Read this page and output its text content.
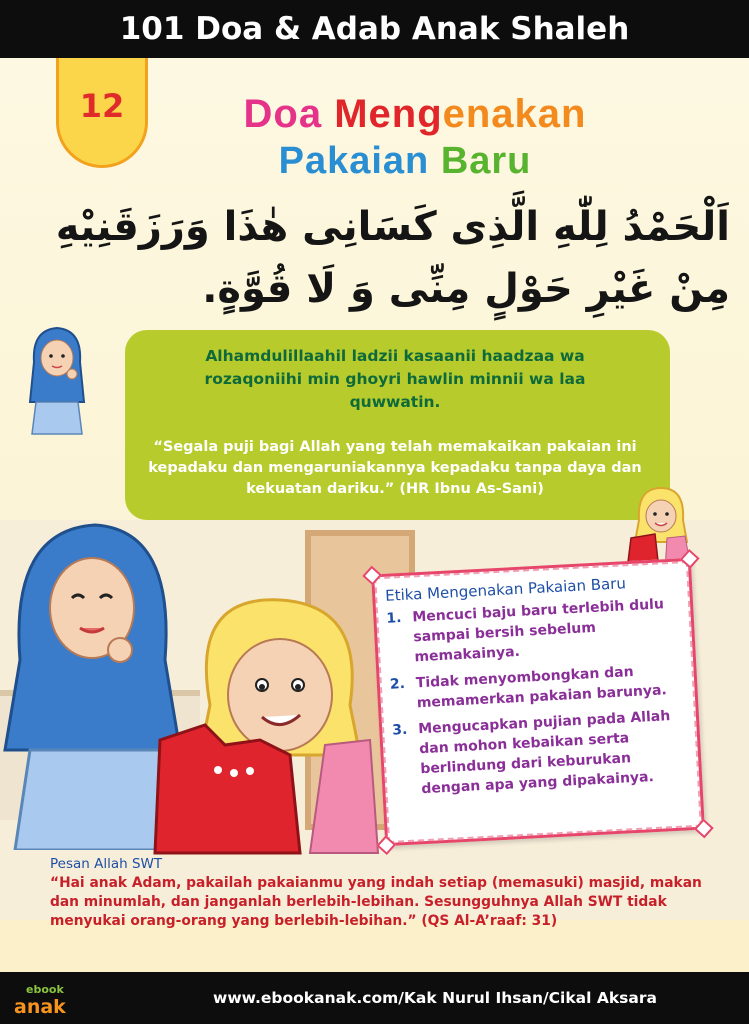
101 Doa & Adab Anak Shaleh
12	Doa Mengenakan
Pakaian Baru
اَلْحَمْدُ لِلّٰهِ الَّذِى كَسَانِى هٰذَا وَرَزَقَنِيْهِ مِنْ غَيْرِ حَوْلٍ مِنِّى وَ لَا قُوَّةٍ.
Alhamdulillaahil ladzii kasaanii haadzaa wa rozaqoniihi min ghoyri hawlin minnii wa laa quwwatin.
“Segala puji bagi Allah yang telah memakaikan pakaian ini kepadaku dan mengaruniakannya kepadaku tanpa daya dan kekuatan dariku.” (HR Ibnu As-Sani)
Etika Mengenakan Pakaian Baru
1. Mencuci baju baru terlebih dulu sampai bersih sebelum memakainya.
2. Tidak menyombongkan dan memamerkan pakaian barunya.
3. Mengucapkan pujian pada Allah dan mohon kebaikan serta berlindung dari keburukan dengan apa yang dipakainya.
Pesan Allah SWT
“Hai anak Adam, pakailah pakaianmu yang indah setiap (memasuki) masjid, makan dan minumlah, dan janganlah berlebih-lebihan. Sesungguhnya Allah SWT tidak menyukai orang-orang yang berlebih-lebihan.” (QS Al-A’raaf: 31)
ebook
anak	www.ebookanak.com/Kak Nurul Ihsan/Cikal Aksara
